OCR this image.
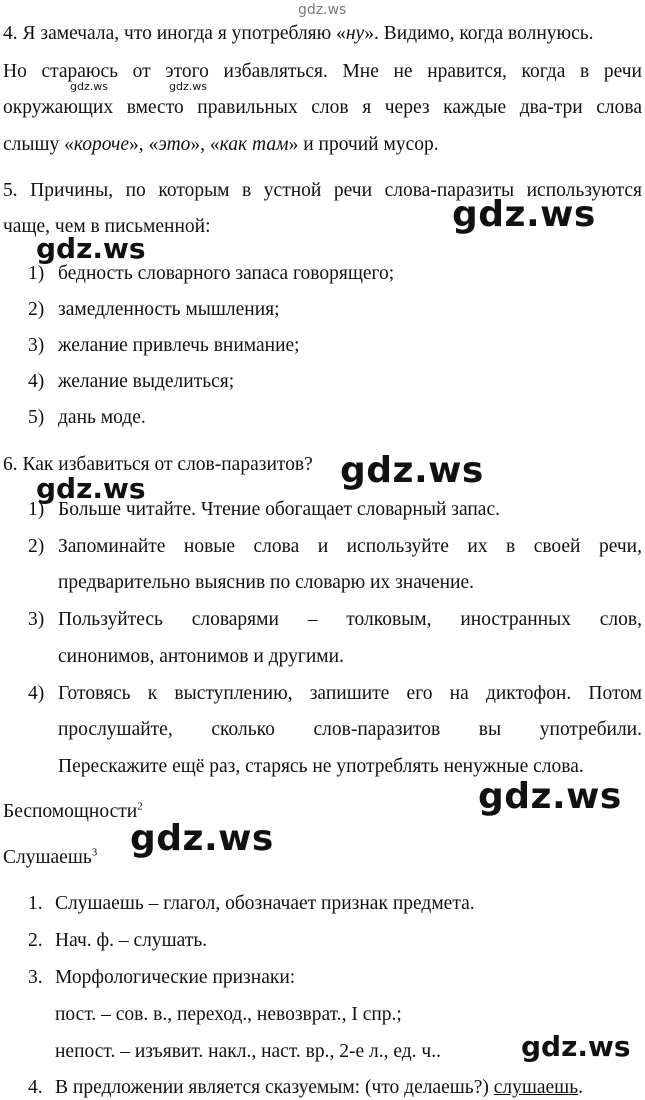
gdz.ws
gdz.ws	gdz.ws
gdz.ws
gdz.ws
gdz.ws
gdz.ws
gdz.ws
gdz.ws
gdz.ws
4. Я замечала, что иногда я употребляю «ну». Видимо, когда волнуюсь.
Но стараюсь от этого избавляться. Мне не нравится, когда в речи
окружающих вместо правильных слов я через каждые два-три слова
слышу «короче», «это», «как там» и прочий мусор.
5. Причины, по которым в устной речи слова-паразиты используются
чаще, чем в письменной:
1) бедность словарного запаса говорящего;
2) замедленность мышления;
3) желание привлечь внимание;
4) желание выделиться;
5) дань моде.
6. Как избавиться от слов-паразитов?
1) Больше читайте. Чтение обогащает словарный запас.
2) Запоминайте новые слова и используйте их в своей речи,
предварительно выяснив по словарю их значение.
3) Пользуйтесь словарями – толковым, иностранных слов,
синонимов, антонимов и другими.
4) Готовясь к выступлению, запишите его на диктофон. Потом
прослушайте, сколько слов-паразитов вы употребили.
Перескажите ещё раз, старясь не употреблять ненужные слова.
Беспомощности$^2$
Слушаешь$^3$
1. Слушаешь – глагол, обозначает признак предмета.
2. Нач. ф. – слушать.
3. Морфологические признаки:
пост. – сов. в., переход., невозврат., I спр.;
непост. – изъявит. накл., наст. вр., 2-е л., ед. ч..
4. В предложении является сказуемым: (что делаешь?) слушаешь.
